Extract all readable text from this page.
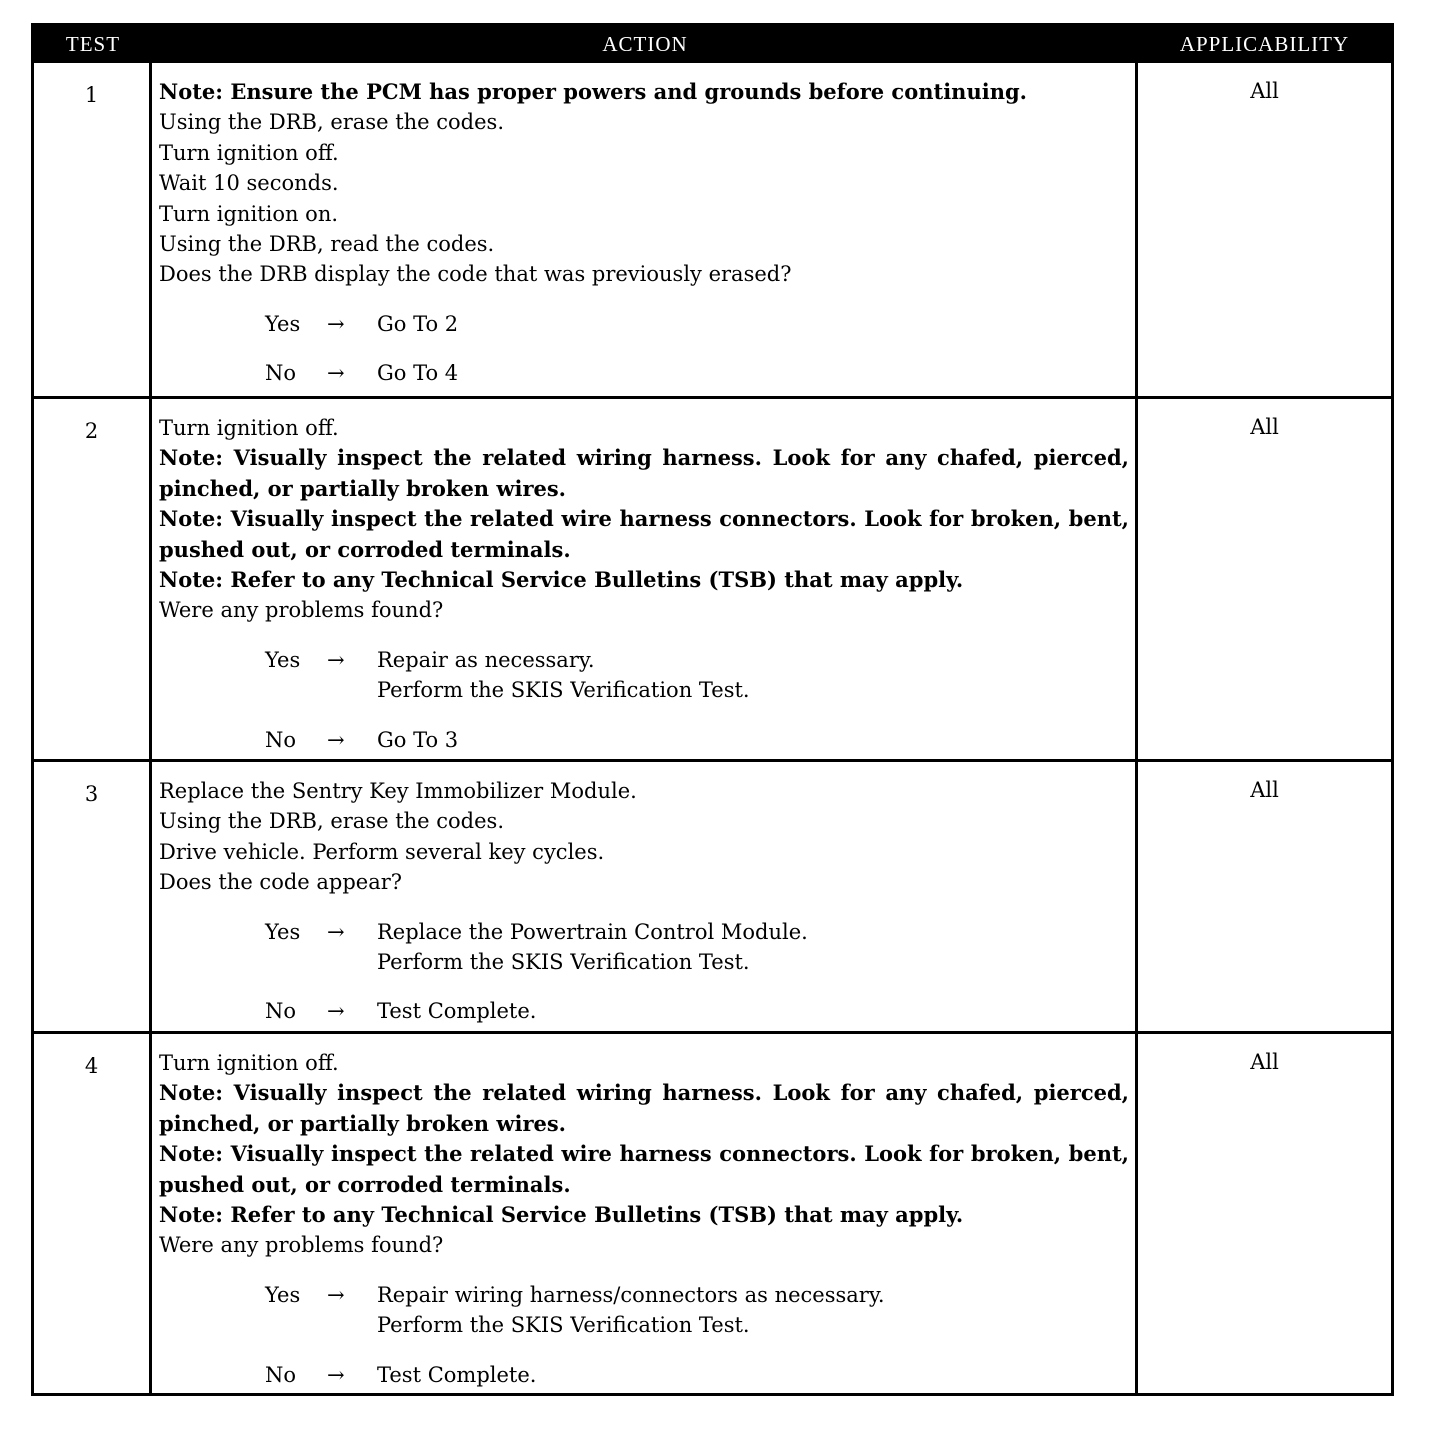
TEST	ACTION	APPLICABILITY
1	Note: Ensure the PCM has proper powers and grounds before continuing.
Using the DRB, erase the codes.
Turn ignition off.
Wait 10 seconds.
Turn ignition on.
Using the DRB, read the codes.
Does the DRB display the code that was previously erased?
Yes	→	Go To 2
No	→	Go To 4
All
2	Turn ignition off.
Note: Visually inspect the related wiring harness. Look for any chafed, pierced, pinched, or partially broken wires.
Note: Visually inspect the related wire harness connectors. Look for broken, bent, pushed out, or corroded terminals.
Note: Refer to any Technical Service Bulletins (TSB) that may apply.
Were any problems found?
Yes	→	Repair as necessary.
Perform the SKIS Verification Test.
No	→	Go To 3
All
3	Replace the Sentry Key Immobilizer Module.
Using the DRB, erase the codes.
Drive vehicle. Perform several key cycles.
Does the code appear?
Yes	→	Replace the Powertrain Control Module.
Perform the SKIS Verification Test.
No	→	Test Complete.
All
4	Turn ignition off.
Note: Visually inspect the related wiring harness. Look for any chafed, pierced, pinched, or partially broken wires.
Note: Visually inspect the related wire harness connectors. Look for broken, bent, pushed out, or corroded terminals.
Note: Refer to any Technical Service Bulletins (TSB) that may apply.
Were any problems found?
Yes	→	Repair wiring harness/connectors as necessary.
Perform the SKIS Verification Test.
No	→	Test Complete.
All
